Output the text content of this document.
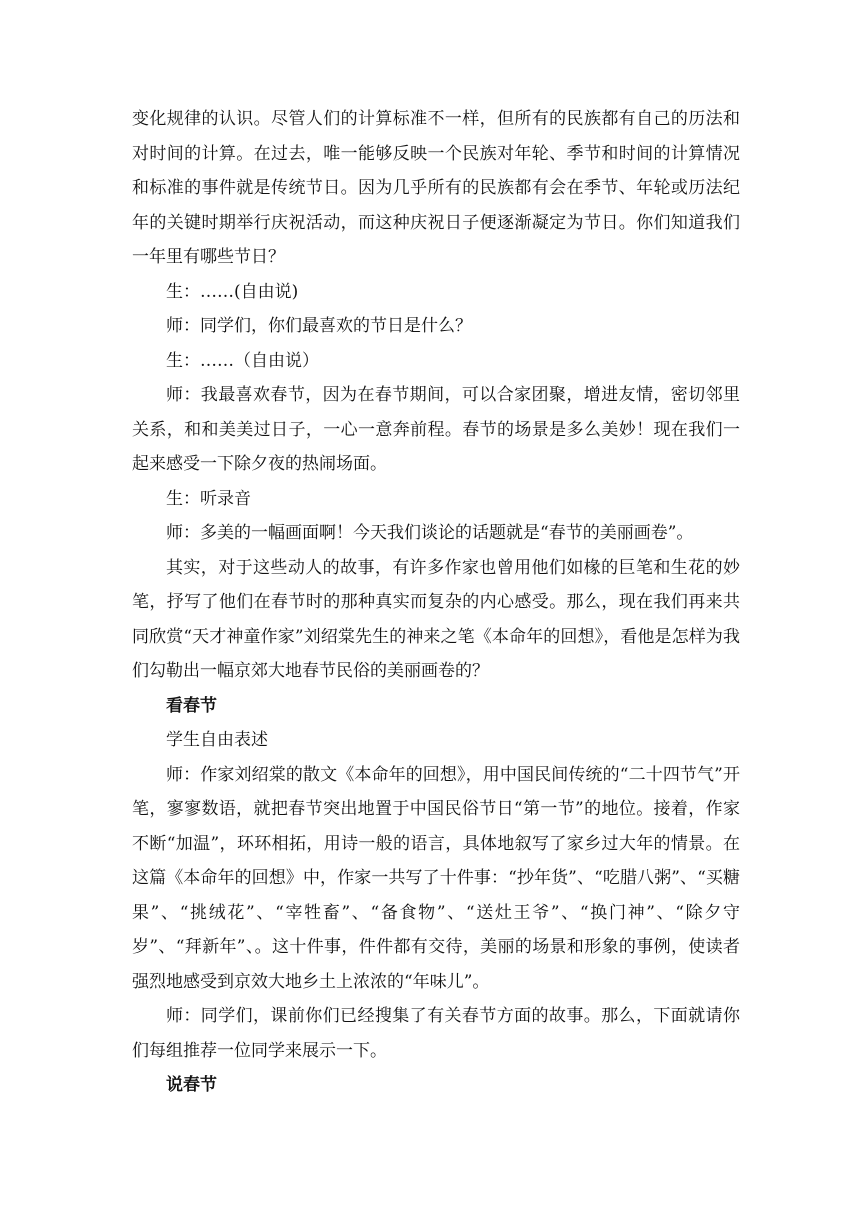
变化规律的认识。尽管人们的计算标准不一样，但所有的民族都有自己的历法和对时间的计算。在过去，唯一能够反映一个民族对年轮、季节和时间的计算情况和标准的事件就是传统节日。因为几乎所有的民族都有会在季节、年轮或历法纪年的关键时期举行庆祝活动，而这种庆祝日子便逐渐凝定为节日。你们知道我们一年里有哪些节日？

生：……(自由说)

师：同学们，你们最喜欢的节日是什么？

生：……（自由说）

师：我最喜欢春节，因为在春节期间，可以合家团聚，增进友情，密切邻里关系，和和美美过日子，一心一意奔前程。春节的场景是多么美妙！现在我们一起来感受一下除夕夜的热闹场面。

生：听录音

师：多美的一幅画面啊！今天我们谈论的话题就是“春节的美丽画卷”。

其实，对于这些动人的故事，有许多作家也曾用他们如椽的巨笔和生花的妙笔，抒写了他们在春节时的那种真实而复杂的内心感受。那么，现在我们再来共同欣赏“天才神童作家”刘绍棠先生的神来之笔《本命年的回想》，看他是怎样为我们勾勒出一幅京郊大地春节民俗的美丽画卷的？

看春节

学生自由表述

师：作家刘绍棠的散文《本命年的回想》，用中国民间传统的“二十四节气”开笔，寥寥数语，就把春节突出地置于中国民俗节日“第一节”的地位。接着，作家不断“加温”，环环相拓，用诗一般的语言，具体地叙写了家乡过大年的情景。在这篇《本命年的回想》中，作家一共写了十件事：“抄年货”、“吃腊八粥”、“买糖果”、“挑绒花”、“宰牲畜”、“备食物”、“送灶王爷”、“换门神”、“除夕守岁”、“拜新年”、。这十件事，件件都有交待，美丽的场景和形象的事例，使读者强烈地感受到京效大地乡土上浓浓的“年味儿”。

师：同学们，课前你们已经搜集了有关春节方面的故事。那么，下面就请你们每组推荐一位同学来展示一下。

说春节
